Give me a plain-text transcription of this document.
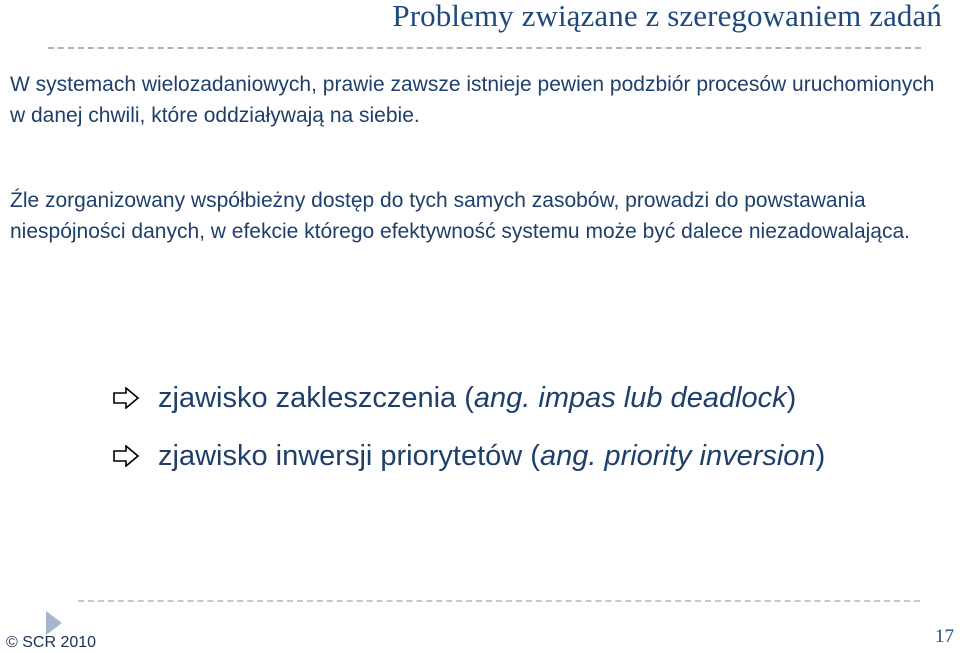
Problemy związane z szeregowaniem zadań

W systemach wielozadaniowych, prawie zawsze istnieje pewien podzbiór procesów uruchomionych w danej chwili, które oddziaływają na siebie.

Źle zorganizowany współbieżny dostęp do tych samych zasobów, prowadzi do powstawania niespójności danych, w efekcie którego efektywność systemu może być dalece niezadowalająca.

zjawisko zakleszczenia (ang. impas lub deadlock)
zjawisko inwersji priorytetów (ang. priority inversion)
© SCR 2010	17
